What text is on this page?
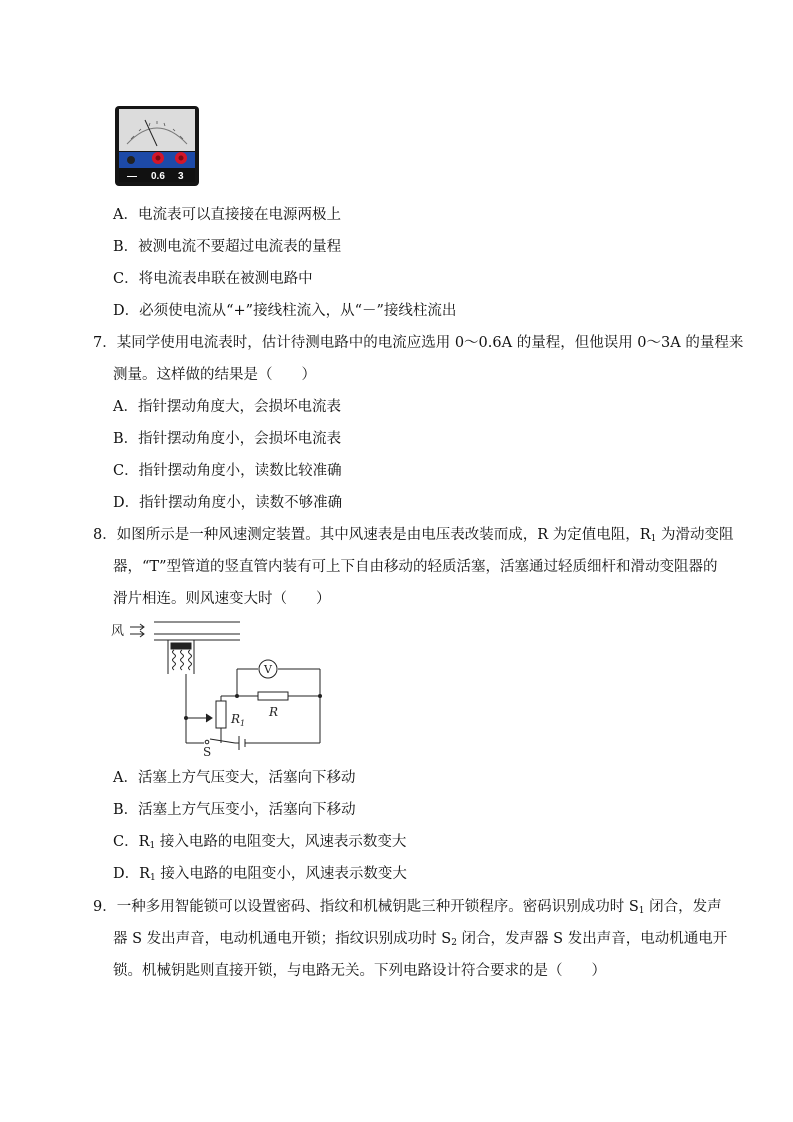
— 0.6 3
A．电流表可以直接接在电源两极上
B．被测电流不要超过电流表的量程
C．将电流表串联在被测电路中
D．必须使电流从“+”接线柱流入，从“－”接线柱流出
7．某同学使用电流表时，估计待测电路中的电流应选用 0～0.6A 的量程，但他误用 0～3A 的量程来
测量。这样做的结果是（　　）
A．指针摆动角度大，会损坏电流表
B．指针摆动角度小，会损坏电流表
C．指针摆动角度小，读数比较准确
D．指针摆动角度小，读数不够准确
8．如图所示是一种风速测定装置。其中风速表是由电压表改装而成，R 为定值电阻，$R_1$ 为滑动变阻
器，“T”型管道的竖直管内装有可上下自由移动的轻质活塞，活塞通过轻质细杆和滑动变阻器的
滑片相连。则风速变大时（　　）
风
V
$R_1$
R
S
A．活塞上方气压变大，活塞向下移动
B．活塞上方气压变小，活塞向下移动
C．$R_1$ 接入电路的电阻变大，风速表示数变大
D．$R_1$ 接入电路的电阻变小，风速表示数变大
9．一种多用智能锁可以设置密码、指纹和机械钥匙三种开锁程序。密码识别成功时 $S_1$ 闭合，发声
器 S 发出声音，电动机通电开锁；指纹识别成功时 $S_2$ 闭合，发声器 S 发出声音，电动机通电开
锁。机械钥匙则直接开锁，与电路无关。下列电路设计符合要求的是（　　）
